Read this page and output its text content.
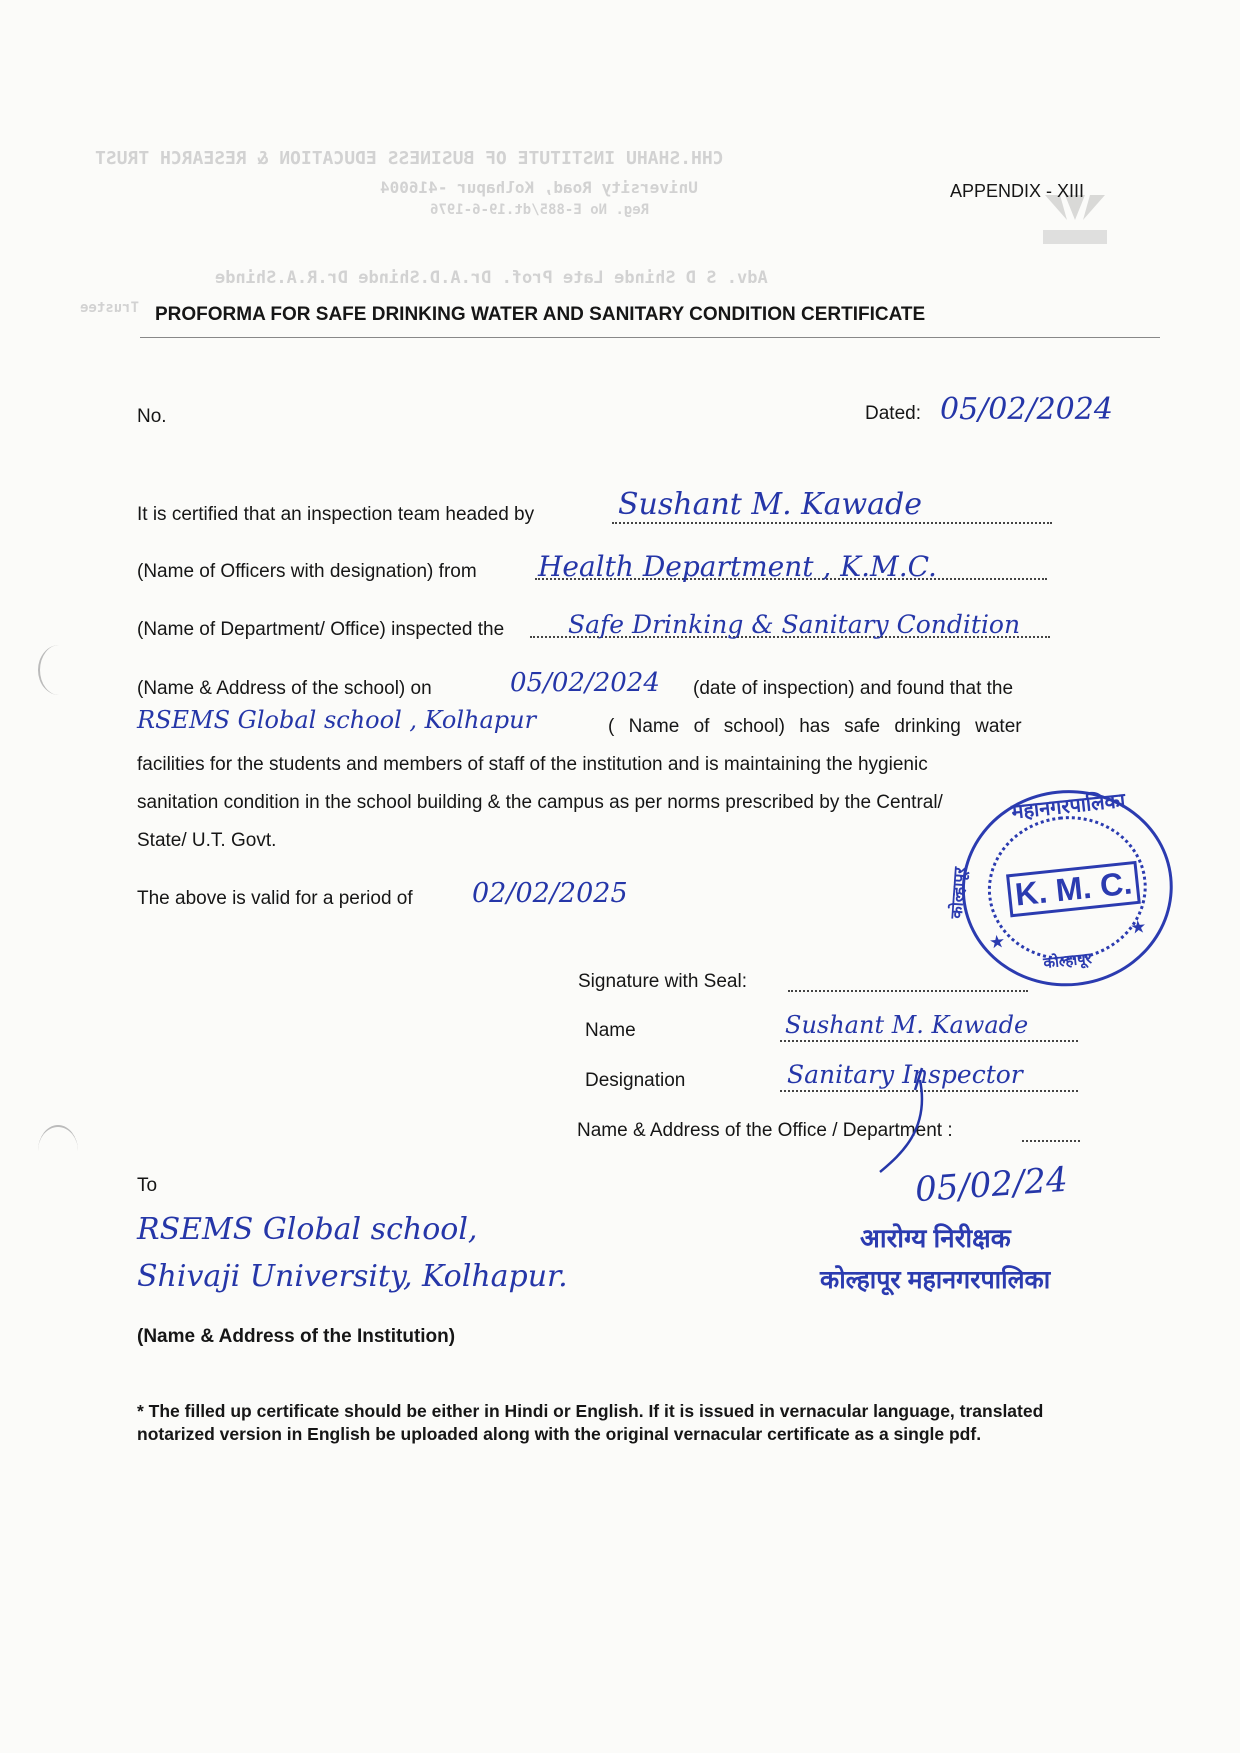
CHH.SHAHU INSTITUTE OF BUSINESS EDUCATION & RESEARCH TRUST
University Road, Kolhapur -416004
Reg. No E-885/dt.19-6-1976
Adv. S D Shinde Late Prof. Dr.A.D.Shinde Dr.R.A.Shinde
Trustee
APPENDIX - XIII
PROFORMA FOR SAFE DRINKING WATER AND SANITARY CONDITION CERTIFICATE
No.	Dated: 05/02/2024
It is certified that an inspection team headed by	Sushant M. Kawade
(Name of Officers with designation) from Health Department , K.M.C.
(Name of Department/ Office) inspected the	Safe Drinking & Sanitary Condition
(Name & Address of the school) on	05/02/2024 (date of inspection) and found that the
RSEMS Global school , Kolhapur	( Name of school) has safe drinking water
facilities for the students and members of staff of the institution and is maintaining the hygienic
sanitation condition in the school building & the campus as per norms prescribed by the Central/
State/ U.T. Govt.
The above is valid for a period of 02/02/2025	K. M. C.
महानगरपालिका
कोल्हापूर
कोल्हापूर
★
★
Signature with Seal:
Name	Sushant M. Kawade
Designation	Sanitary Inspector
Name & Address of the Office / Department :
To
RSEMS Global school,
Shivaji University, Kolhapur.
(Name & Address of the Institution)
05/02/24
आरोग्य निरीक्षक
कोल्हापूर महानगरपालिका
* The filled up certificate should be either in Hindi or English. If it is issued in vernacular language, translated notarized version in English be uploaded along with the original vernacular certificate as a single pdf.
